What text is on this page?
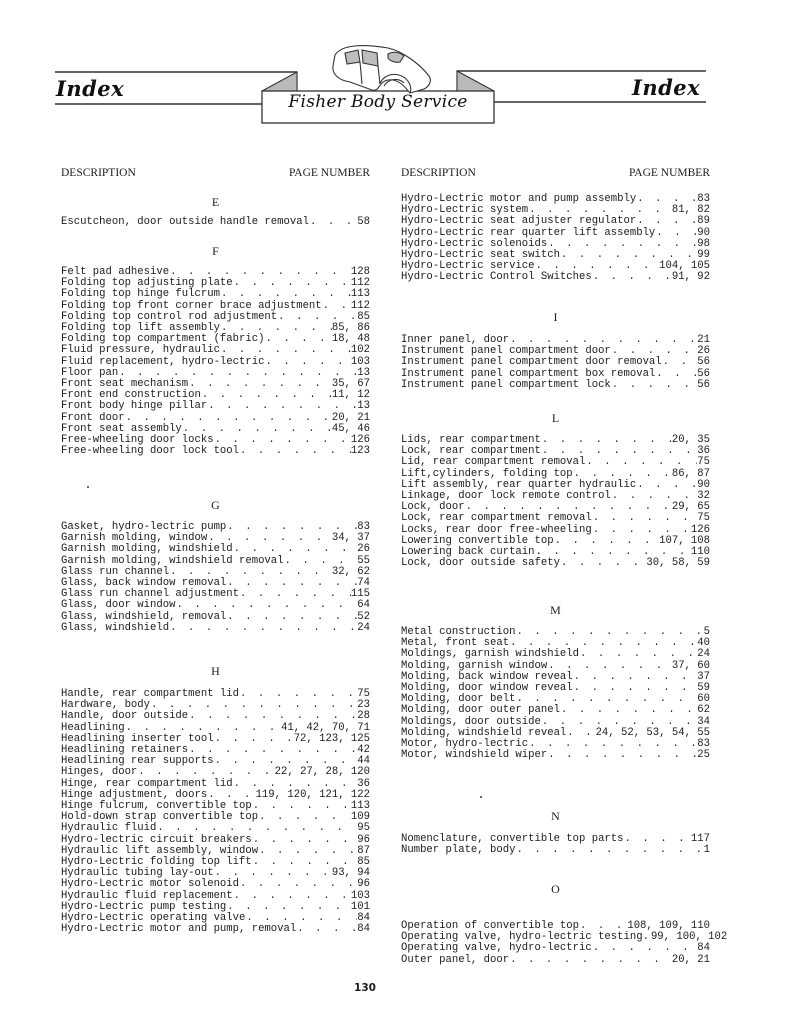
Index	Index
Fisher Body Service
DESCRIPTION	PAGE NUMBER
E
Escutcheon, door outside handle removal . . .	58
F
Felt pad adhesive . . .	128
Folding top adjusting plate . . .	112
Folding top hinge fulcrum . . .	113
Folding top front corner brace adjustment . . .	112
Folding top control rod adjustment . . .	85
Folding top lift assembly . . .	85, 86
Folding top compartment (fabric) . . .	18, 48
Fluid pressure, hydraulic . . .	102
Fluid replacement, hydro-lectric . . .	103
Floor pan . . .	13
Front seat mechanism . . .	35, 67
Front end construction . . .	11, 12
Front body hinge pillar . . .	13
Front door . . .	20, 21
Front seat assembly . . .	45, 46
Free-wheeling door locks . . .	126
Free-wheeling door lock tool . . .	123
G
Gasket, hydro-lectric pump . . .	83
Garnish molding, window . . .	34, 37
Garnish molding, windshield . . .	26
Garnish molding, windshield removal . . .	55
Glass run channel . . .	32, 62
Glass, back window removal . . .	74
Glass run channel adjustment . . .	115
Glass, door window . . .	64
Glass, windshield, removal . . .	52
Glass, windshield . . .	24
H
Handle, rear compartment lid . . .	75
Hardware, body . . .	23
Handle, door outside . . .	28
Headlining . . .	41, 42, 70, 71
Headlining inserter tool . . .	72, 123, 125
Headlining retainers . . .	42
Headlining rear supports . . .	44
Hinges, door . . .	22, 27, 28, 120
Hinge, rear compartment lid . . .	36
Hinge adjustment, doors . . .	119, 120, 121, 122
Hinge fulcrum, convertible top . . .	113
Hold-down strap convertible top . . .	109
Hydraulic fluid . . .	95
Hydro-lectric circuit breakers . . .	96
Hydraulic lift assembly, window . . .	87
Hydro-Lectric folding top lift . . .	85
Hydraulic tubing lay-out . . .	93, 94
Hydro-Lectric motor solenoid . . .	96
Hydraulic fluid replacement . . .	103
Hydro-Lectric pump testing . . .	101
Hydro-Lectric operating valve . . .	84
Hydro-Lectric motor and pump, removal . . .	84
DESCRIPTION	PAGE NUMBER
Hydro-Lectric motor and pump assembly . . .	83
Hydro-Lectric system . . .	81, 82
Hydro-Lectric seat adjuster regulator . . .	89
Hydro-Lectric rear quarter lift assembly . . .	90
Hydro-Lectric solenoids . . .	98
Hydro-Lectric seat switch . . .	99
Hydro-Lectric service . . .	104, 105
Hydro-Lectric Control Switches . . .	91, 92
I
Inner panel, door . . .	21
Instrument panel compartment door . . .	26
Instrument panel compartment door removal . . .	56
Instrument panel compartment box removal . . .	56
Instrument panel compartment lock . . .	56
L
Lids, rear compartment . . .	20, 35
Lock, rear compartment . . .	36
Lid, rear compartment removal . . .	75
Lift,cylinders, folding top . . .	86, 87
Lift assembly, rear quarter hydraulic . . .	90
Linkage, door lock remote control . . .	32
Lock, door . . .	29, 65
Lock, rear compartment removal . . .	75
Locks, rear door free-wheeling . . .	126
Lowering convertible top . . .	107, 108
Lowering back curtain . . .	110
Lock, door outside safety . . .	30, 58, 59
M
Metal construction . . .	5
Metal, front seat . . .	40
Moldings, garnish windshield . . .	24
Molding, garnish window . . .	37, 60
Molding, back window reveal . . .	37
Molding, door window reveal . . .	59
Molding, door belt . . .	60
Molding, door outer panel . . .	62
Moldings, door outside . . .	34
Molding, windshield reveal . . .	24, 52, 53, 54, 55
Motor, hydro-lectric . . .	83
Motor, windshield wiper . . .	25
N
Nomenclature, convertible top parts . . .	117
Number plate, body . . .	1
O
Operation of convertible top . . .	108, 109, 110
Operating valve, hydro-lectric testing. . . . 99, 100, 102
Operating valve, hydro-lectric . . .	84
Outer panel, door . . .	20, 21
130
